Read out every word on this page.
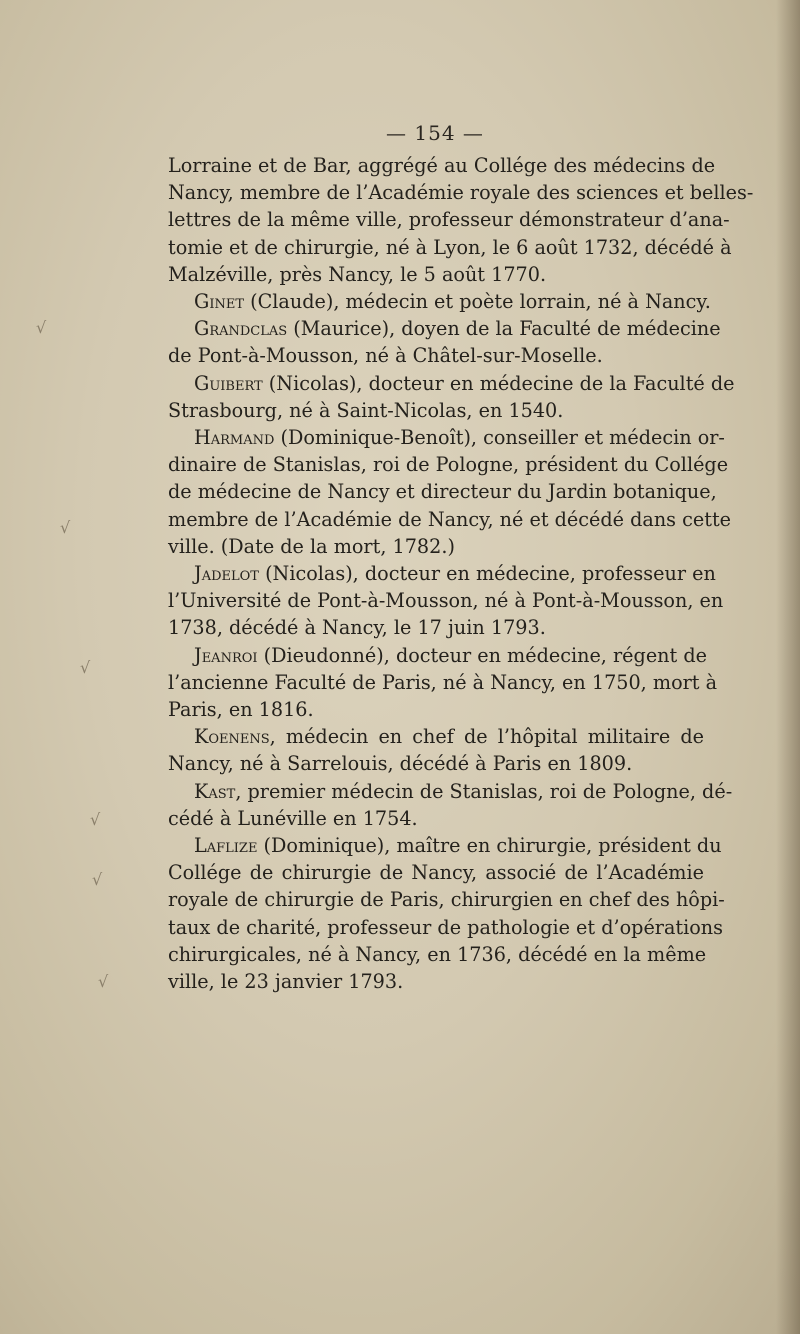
— 154 —
Lorraine et de Bar, aggrégé au Collége des médecins de
Nancy, membre de l’Académie royale des sciences et belles-
lettres de la même ville, professeur démonstrateur d’ana-
tomie et de chirurgie, né à Lyon, le 6 août 1732, décédé à
Malzéville, près Nancy, le 5 août 1770.
Ginet (Claude), médecin et poète lorrain, né à Nancy.
Grandclas (Maurice), doyen de la Faculté de médecine
de Pont-à-Mousson, né à Châtel-sur-Moselle.
Guibert (Nicolas), docteur en médecine de la Faculté de
Strasbourg, né à Saint-Nicolas, en 1540.
Harmand (Dominique-Benoît), conseiller et médecin or-
dinaire de Stanislas, roi de Pologne, président du Collége
de médecine de Nancy et directeur du Jardin botanique,
membre de l’Académie de Nancy, né et décédé dans cette
ville. (Date de la mort, 1782.)
Jadelot (Nicolas), docteur en médecine, professeur en
l’Université de Pont-à-Mousson, né à Pont-à-Mousson, en
1738, décédé à Nancy, le 17 juin 1793.
Jeanroi (Dieudonné), docteur en médecine, régent de
l’ancienne Faculté de Paris, né à Nancy, en 1750, mort à
Paris, en 1816.
Koenens, médecin en chef de l’hôpital militaire de
Nancy, né à Sarrelouis, décédé à Paris en 1809.
Kast, premier médecin de Stanislas, roi de Pologne, dé-
cédé à Lunéville en 1754.
Laflize (Dominique), maître en chirurgie, président du
Collége de chirurgie de Nancy, associé de l’Académie
royale de chirurgie de Paris, chirurgien en chef des hôpi-
taux de charité, professeur de pathologie et d’opérations
chirurgicales, né à Nancy, en 1736, décédé en la même
ville, le 23 janvier 1793.
√
√
√
√
√
√
